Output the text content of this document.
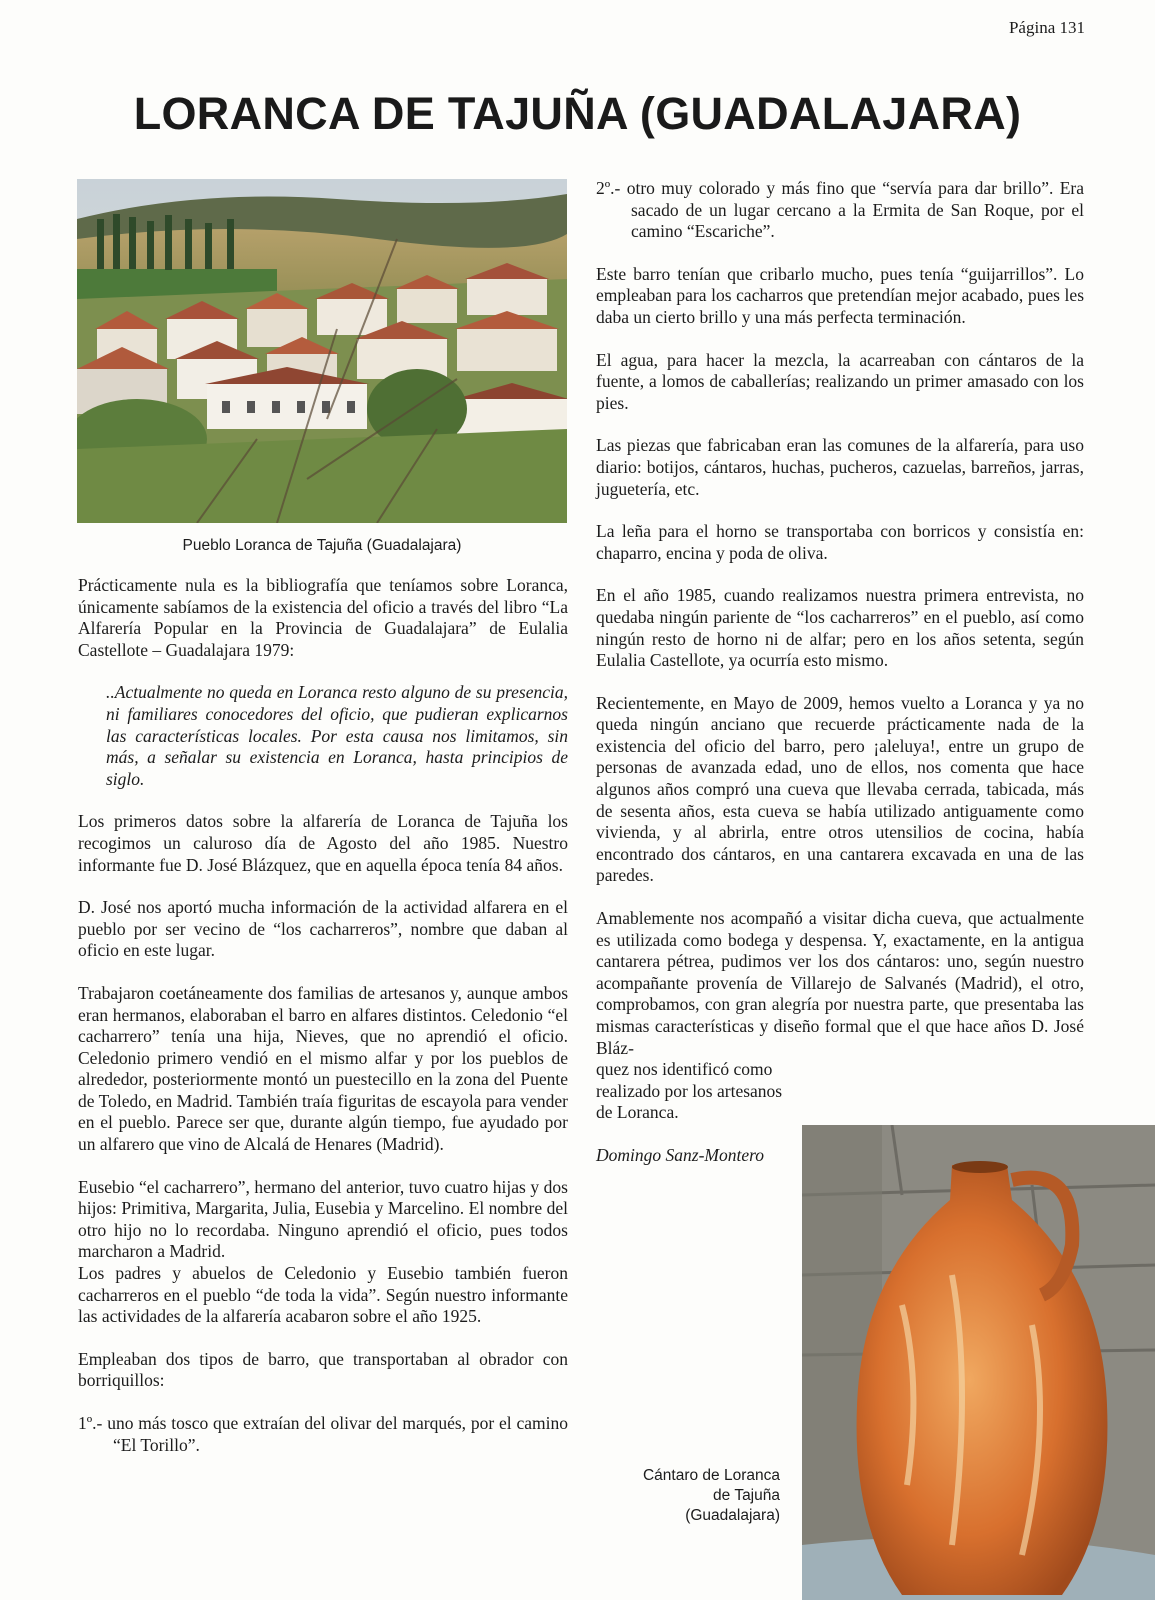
Página 131
LORANCA DE TAJUÑA (GUADALAJARA)
Pueblo Loranca de Tajuña (Guadalajara)

Prácticamente nula es la bibliografía que teníamos sobre Loranca, únicamente sabíamos de la existencia del oficio a través del libro “La Alfarería Popular en la Provincia de Guadalajara” de Eulalia Castellote – Guadalajara 1979:

..Actualmente no queda en Loranca resto alguno de su presencia, ni familiares conocedores del oficio, que pudieran explicarnos las características locales. Por esta causa nos limitamos, sin más, a señalar su existencia en Loranca, hasta principios de siglo.

Los primeros datos sobre la alfarería de Loranca de Tajuña los recogimos un caluroso día de Agosto del año 1985. Nuestro informante fue D. José Blázquez, que en aquella época tenía 84 años.

D. José nos aportó mucha información de la actividad alfarera en el pueblo por ser vecino de “los cacharreros”, nombre que daban al oficio en este lugar.

Trabajaron coetáneamente dos familias de artesanos y, aunque ambos eran hermanos, elaboraban el barro en alfares distintos. Celedonio “el cacharrero” tenía una hija, Nieves, que no aprendió el oficio. Celedonio primero vendió en el mismo alfar y por los pueblos de alrededor, posteriormente montó un puestecillo en la zona del Puente de Toledo, en Madrid. También traía figuritas de escayola para vender en el pueblo. Parece ser que, durante algún tiempo, fue ayudado por un alfarero que vino de Alcalá de Henares (Madrid).

Eusebio “el cacharrero”, hermano del anterior, tuvo cuatro hijas y dos hijos: Primitiva, Margarita, Julia, Eusebia y Marcelino. El nombre del otro hijo no lo recordaba. Ninguno aprendió el oficio, pues todos marcharon a Madrid.

Los padres y abuelos de Celedonio y Eusebio también fueron cacharreros en el pueblo “de toda la vida”. Según nuestro informante las actividades de la alfarería acabaron sobre el año 1925.

Empleaban dos tipos de barro, que transportaban al obrador con borriquillos:

1º.- uno más tosco que extraían del olivar del marqués, por el camino “El Torillo”.

2º.- otro muy colorado y más fino que “servía para dar brillo”. Era sacado de un lugar cercano a la Ermita de San Roque, por el camino “Escariche”.

Este barro tenían que cribarlo mucho, pues tenía “guijarrillos”. Lo empleaban para los cacharros que pretendían mejor acabado, pues les daba un cierto brillo y una más perfecta terminación.

El agua, para hacer la mezcla, la acarreaban con cántaros de la fuente, a lomos de caballerías; realizando un primer amasado con los pies.

Las piezas que fabricaban eran las comunes de la alfarería, para uso diario: botijos, cántaros, huchas, pucheros, cazuelas, barreños, jarras, juguetería, etc.

La leña para el horno se transportaba con borricos y consistía en: chaparro, encina y poda de oliva.

En el año 1985, cuando realizamos nuestra primera entrevista, no quedaba ningún pariente de “los cacharreros” en el pueblo, así como ningún resto de horno ni de alfar; pero en los años setenta, según Eulalia Castellote, ya ocurría esto mismo.

Recientemente, en Mayo de 2009, hemos vuelto a Loranca y ya no queda ningún anciano que recuerde prácticamente nada de la existencia del oficio del barro, pero ¡aleluya!, entre un grupo de personas de avanzada edad, uno de ellos, nos comenta que hace algunos años compró una cueva que llevaba cerrada, tabicada, más de sesenta años, esta cueva se había utilizado antiguamente como vivienda, y al abrirla, entre otros utensilios de cocina, había encontrado dos cántaros, en una cantarera excavada en una de las paredes.

Amablemente nos acompañó a visitar dicha cueva, que actualmente es utilizada como bodega y despensa. Y, exactamente, en la antigua cantarera pétrea, pudimos ver los dos cántaros: uno, según nuestro acompañante provenía de Villarejo de Salvanés (Madrid), el otro, comprobamos, con gran alegría por nuestra parte, que presentaba las mismas características y diseño formal que el que hace años D. José Bláz-

quez nos identificó como realizado por los artesanos de Loranca.

Domingo Sanz-Montero

Cántaro de Loranca
de Tajuña
(Guadalajara)
